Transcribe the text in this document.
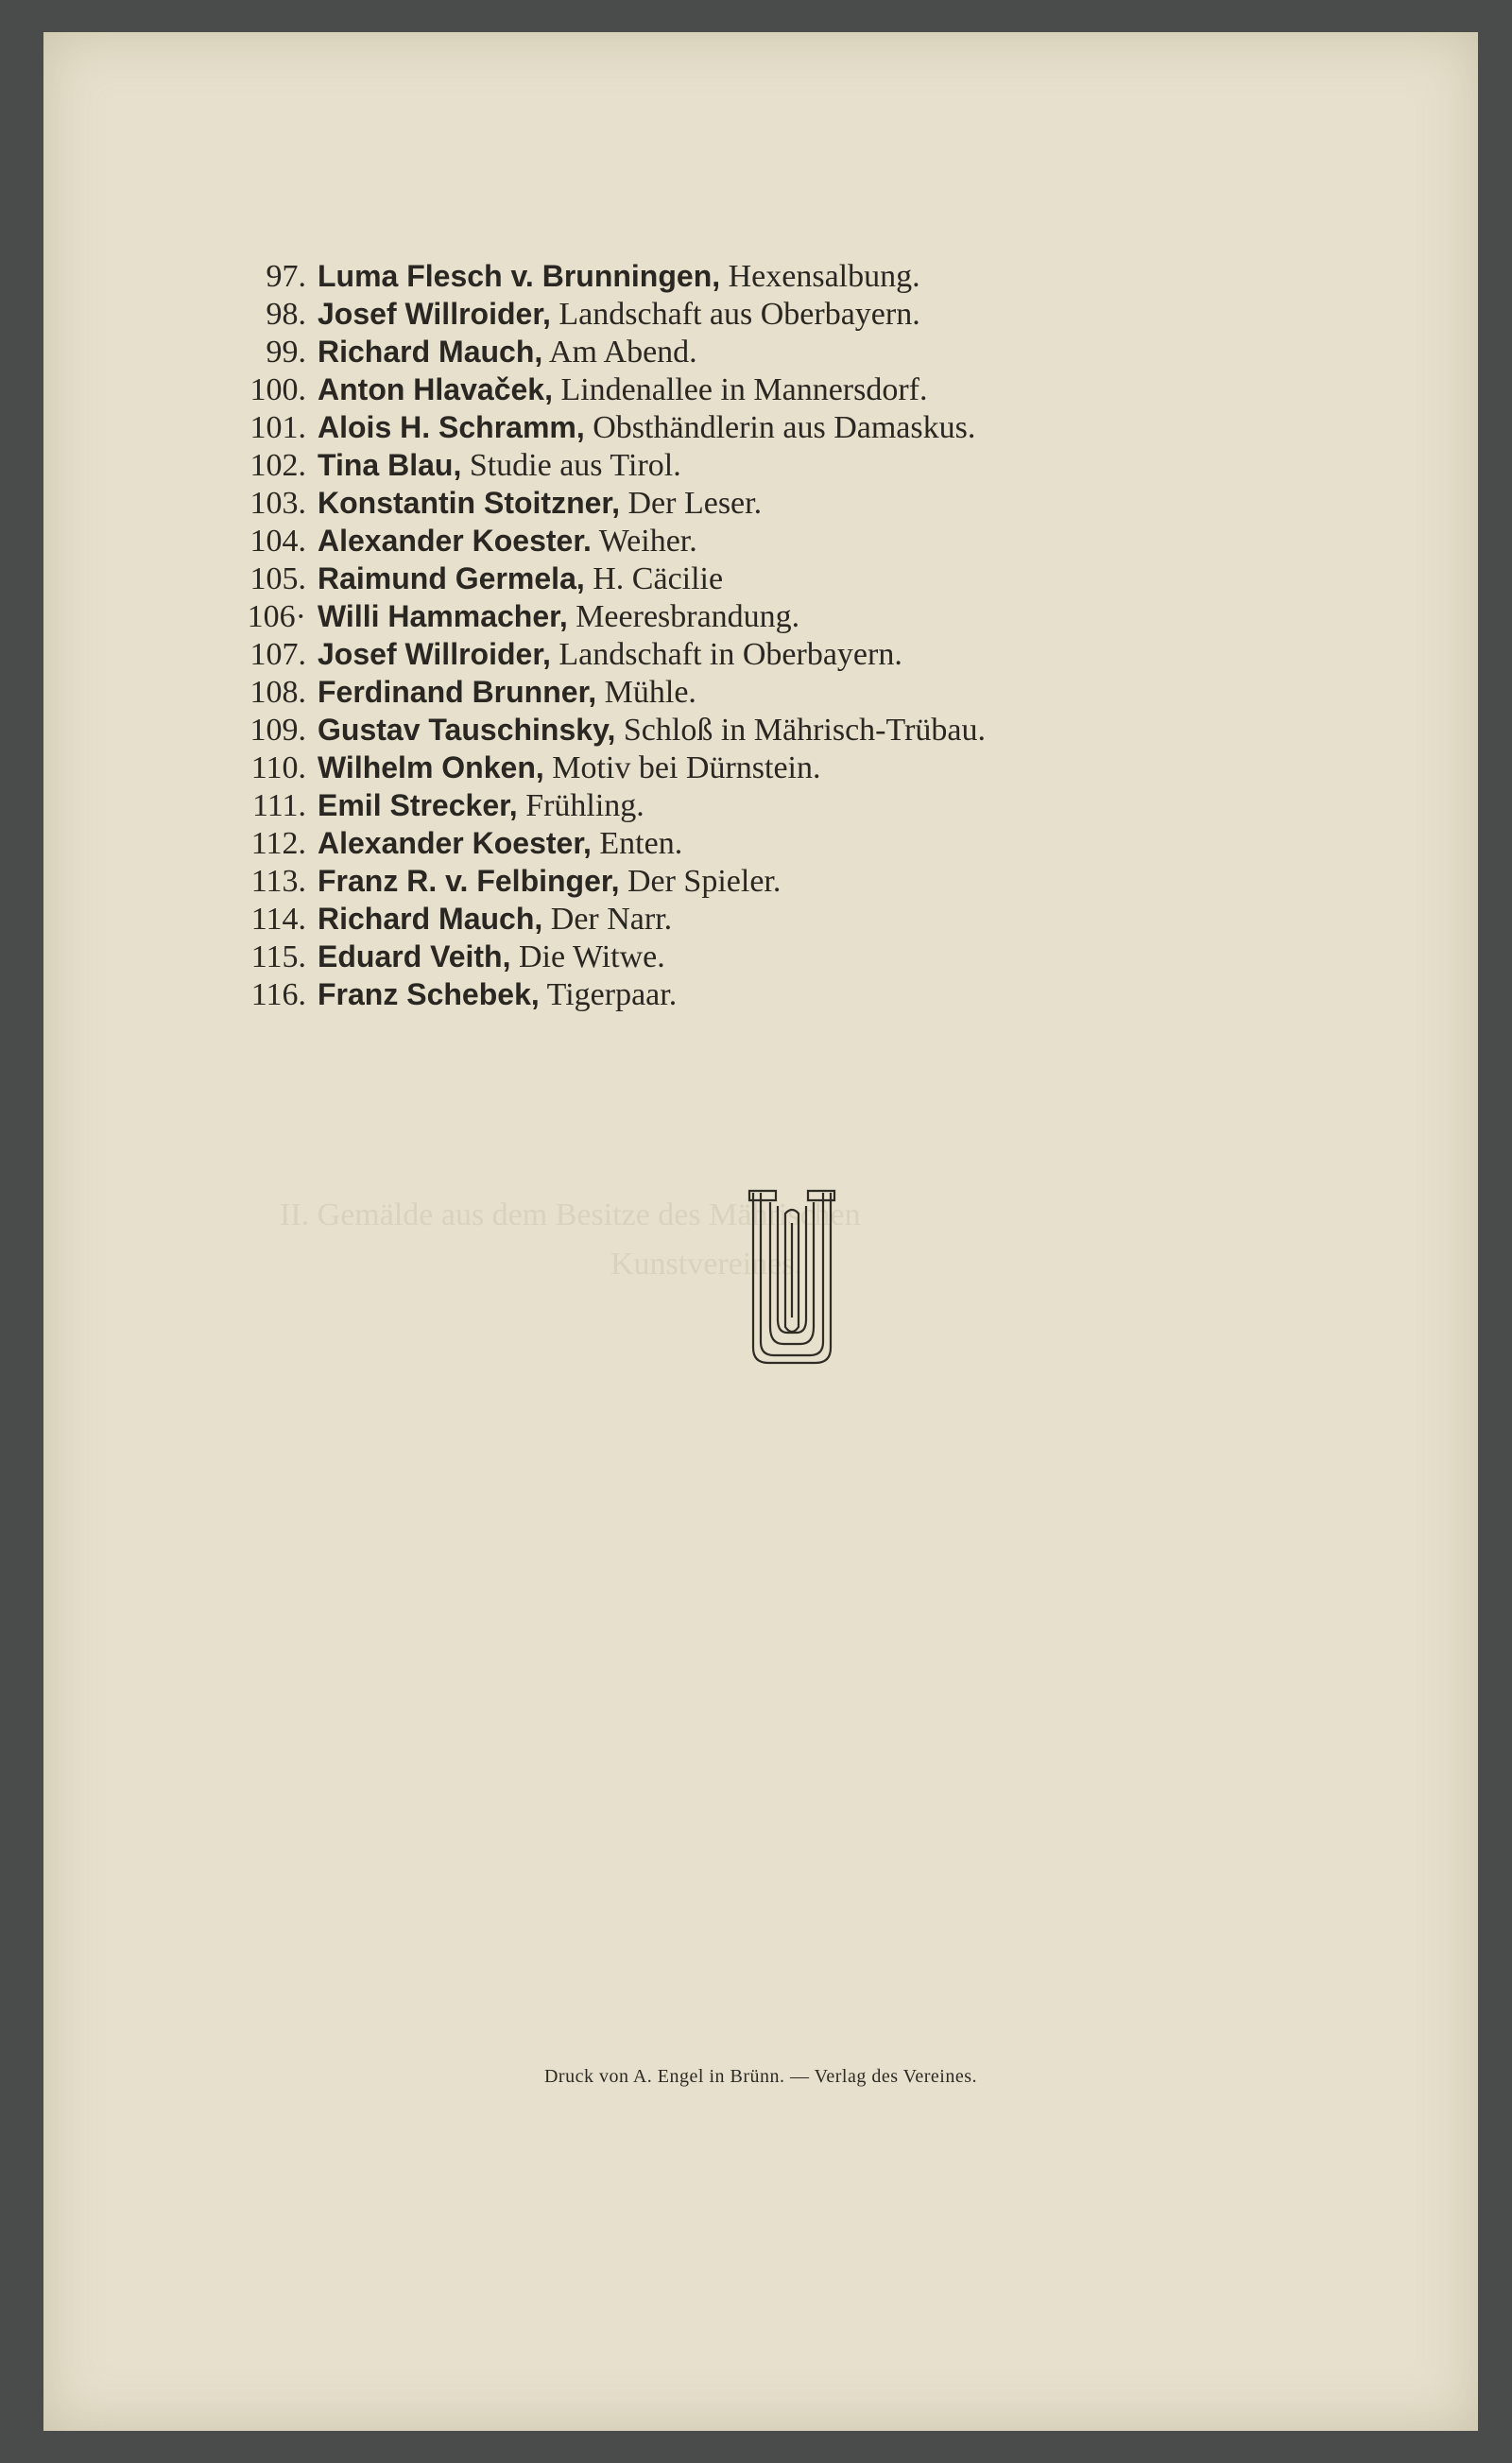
II. Gemälde aus dem Besitze des Mährischen
Kunstvereines.
97. Luma Flesch v. Brunningen, Hexensalbung.
98. Josef Willroider, Landschaft aus Oberbayern.
99. Richard Mauch, Am Abend.
100. Anton Hlavaček, Lindenallee in Mannersdorf.
101. Alois H. Schramm, Obsthändlerin aus Damaskus.
102. Tina Blau, Studie aus Tirol.
103. Konstantin Stoitzner, Der Leser.
104. Alexander Koester. Weiher.
105. Raimund Germela, H. Cäcilie
106· Willi Hammacher, Meeresbrandung.
107. Josef Willroider, Landschaft in Oberbayern.
108. Ferdinand Brunner, Mühle.
109. Gustav Tauschinsky, Schloß in Mährisch-Trübau.
110. Wilhelm Onken, Motiv bei Dürnstein.
111. Emil Strecker, Frühling.
112. Alexander Koester, Enten.
113. Franz R. v. Felbinger, Der Spieler.
114. Richard Mauch, Der Narr.
115. Eduard Veith, Die Witwe.
116. Franz Schebek, Tigerpaar.
Druck von A. Engel in Brünn. — Verlag des Vereines.
